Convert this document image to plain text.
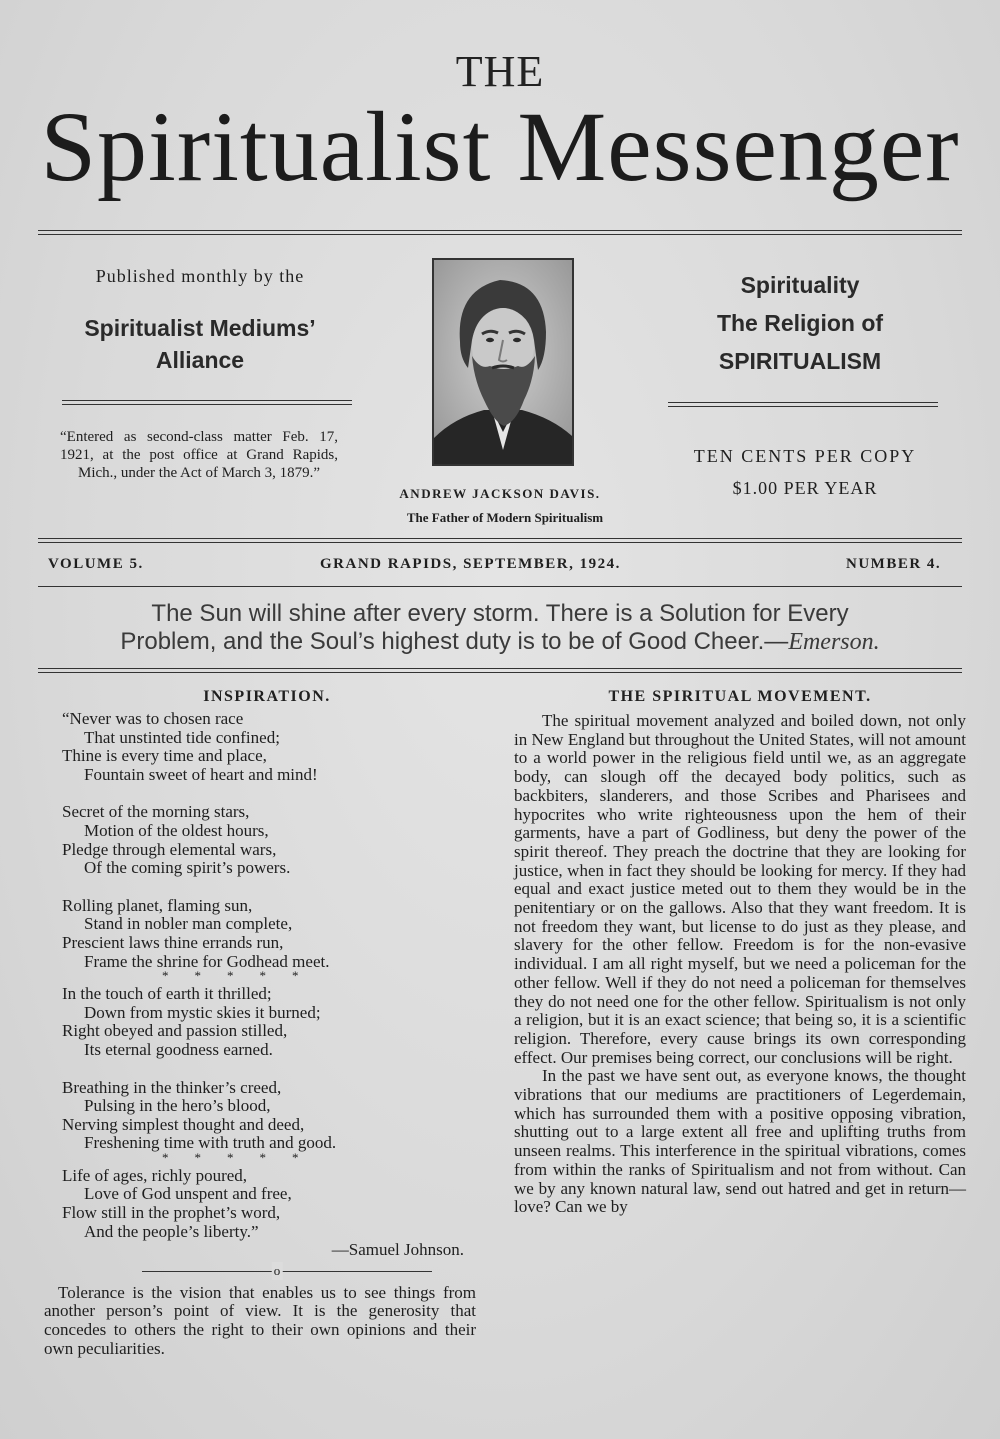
THE
Spiritualist Messenger
Published monthly by the
Spiritualist Mediums’
Alliance
“Entered as second-class matter Feb. 17, 1921, at the post office at Grand Rapids, Mich., under the Act of March 3, 1879.”
ANDREW JACKSON DAVIS.
The Father of Modern Spiritualism
Spirituality
The Religion of
SPIRITUALISM
TEN CENTS PER COPY
$1.00 PER YEAR
VOLUME 5.	GRAND RAPIDS, SEPTEMBER, 1924.	NUMBER 4.
The Sun will shine after every storm. There is a Solution for Every
Problem, and the Soul’s highest duty is to be of Good Cheer.—Emerson.
INSPIRATION.
“Never was to chosen race
That unstinted tide confined;
Thine is every time and place,
Fountain sweet of heart and mind!
Secret of the morning stars,
Motion of the oldest hours,
Pledge through elemental wars,
Of the coming spirit’s powers.
Rolling planet, flaming sun,
Stand in nobler man complete,
Prescient laws thine errands run,
Frame the shrine for Godhead meet.
*        *        *        *        *
In the touch of earth it thrilled;
Down from mystic skies it burned;
Right obeyed and passion stilled,
Its eternal goodness earned.
Breathing in the thinker’s creed,
Pulsing in the hero’s blood,
Nerving simplest thought and deed,
Freshening time with truth and good.
*        *        *        *        *
Life of ages, richly poured,
Love of God unspent and free,
Flow still in the prophet’s word,
And the people’s liberty.”
—Samuel Johnson.
o

Tolerance is the vision that enables us to see things from another person’s point of view. It is the generosity that concedes to others the right to their own opinions and their own peculiarities.

THE SPIRITUAL MOVEMENT.

The spiritual movement analyzed and boiled down, not only in New England but throughout the United States, will not amount to a world power in the religious field until we, as an aggregate body, can slough off the decayed body politics, such as backbiters, slanderers, and those Scribes and Pharisees and hypocrites who write righteousness upon the hem of their garments, have a part of Godliness, but deny the power of the spirit thereof. They preach the doctrine that they are looking for justice, when in fact they should be looking for mercy. If they had equal and exact justice meted out to them they would be in the penitentiary or on the gallows. Also that they want freedom. It is not freedom they want, but license to do just as they please, and slavery for the other fellow. Freedom is for the non-evasive individual. I am all right myself, but we need a policeman for the other fellow. Well if they do not need a policeman for themselves they do not need one for the other fellow. Spiritualism is not only a religion, but it is an exact science; that being so, it is a scientific religion. Therefore, every cause brings its own corresponding effect. Our premises being correct, our conclusions will be right.

In the past we have sent out, as everyone knows, the thought vibrations that our mediums are practitioners of Legerdemain, which has surrounded them with a positive opposing vibration, shutting out to a large extent all free and uplifting truths from unseen realms. This interference in the spiritual vibrations, comes from within the ranks of Spiritualism and not from without. Can we by any known natural law, send out hatred and get in return—love? Can we by
